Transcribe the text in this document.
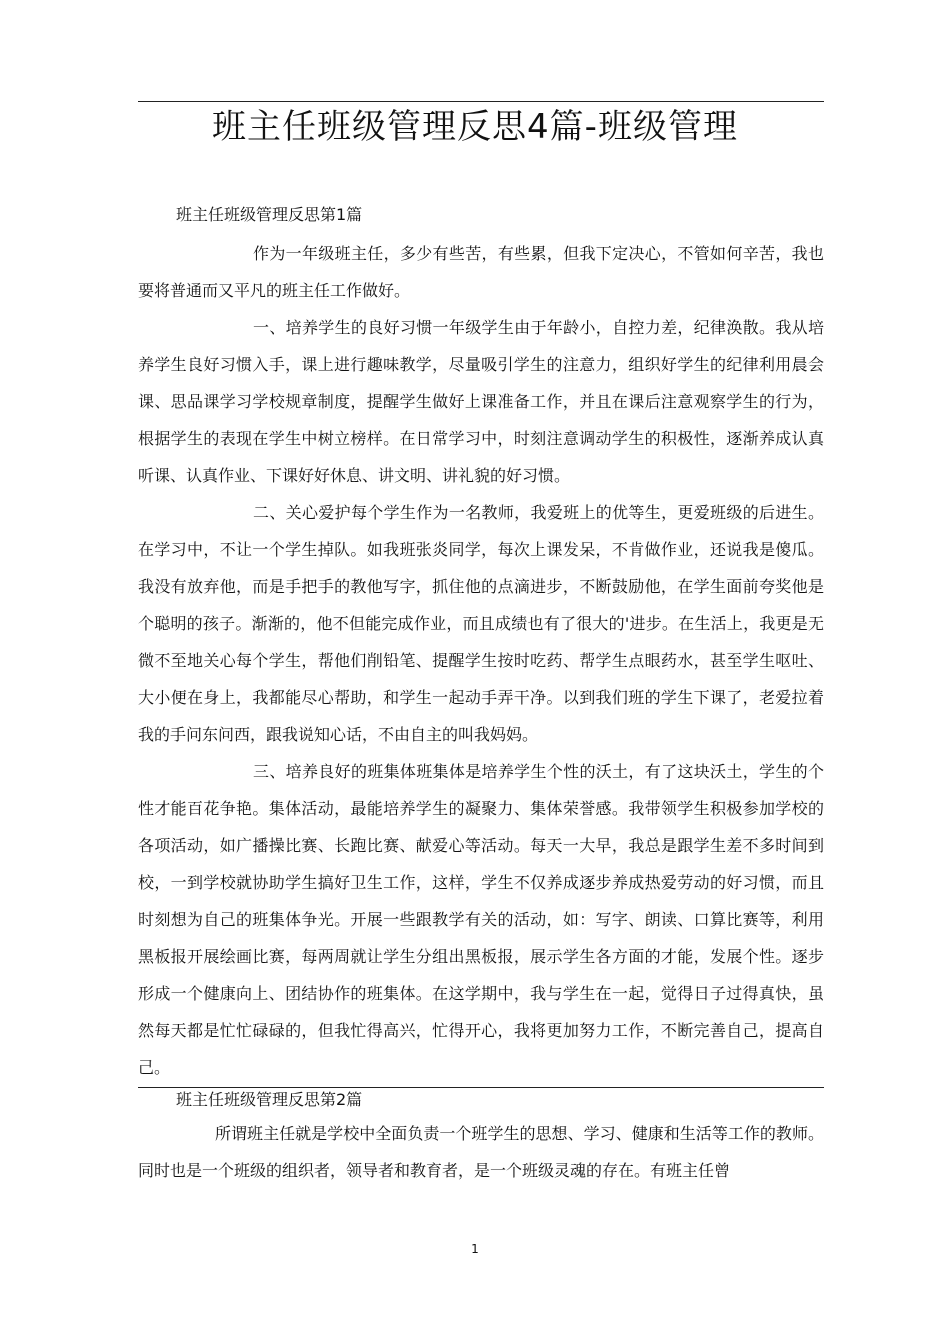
班主任班级管理反思4篇-班级管理
班主任班级管理反思第1篇

作为一年级班主任，多少有些苦，有些累，但我下定决心，不管如何辛苦，我也要将普通而又平凡的班主任工作做好。

一、培养学生的良好习惯一年级学生由于年龄小，自控力差，纪律涣散。我从培养学生良好习惯入手，课上进行趣味教学，尽量吸引学生的注意力，组织好学生的纪律利用晨会课、思品课学习学校规章制度，提醒学生做好上课准备工作，并且在课后注意观察学生的行为，根据学生的表现在学生中树立榜样。在日常学习中，时刻注意调动学生的积极性，逐渐养成认真听课、认真作业、下课好好休息、讲文明、讲礼貌的好习惯。

二、关心爱护每个学生作为一名教师，我爱班上的优等生，更爱班级的后进生。在学习中，不让一个学生掉队。如我班张炎同学，每次上课发呆，不肯做作业，还说我是傻瓜。我没有放弃他，而是手把手的教他写字，抓住他的点滴进步，不断鼓励他，在学生面前夸奖他是个聪明的孩子。渐渐的，他不但能完成作业，而且成绩也有了很大的'进步。在生活上，我更是无微不至地关心每个学生，帮他们削铅笔、提醒学生按时吃药、帮学生点眼药水，甚至学生呕吐、大小便在身上，我都能尽心帮助，和学生一起动手弄干净。以到我们班的学生下课了，老爱拉着我的手问东问西，跟我说知心话，不由自主的叫我妈妈。

三、培养良好的班集体班集体是培养学生个性的沃土，有了这块沃土，学生的个性才能百花争艳。集体活动，最能培养学生的凝聚力、集体荣誉感。我带领学生积极参加学校的各项活动，如广播操比赛、长跑比赛、献爱心等活动。每天一大早，我总是跟学生差不多时间到校，一到学校就协助学生搞好卫生工作，这样，学生不仅养成逐步养成热爱劳动的好习惯，而且时刻想为自己的班集体争光。开展一些跟教学有关的活动，如：写字、朗读、口算比赛等，利用黑板报开展绘画比赛，每两周就让学生分组出黑板报，展示学生各方面的才能，发展个性。逐步形成一个健康向上、团结协作的班集体。在这学期中，我与学生在一起，觉得日子过得真快，虽然每天都是忙忙碌碌的，但我忙得高兴，忙得开心，我将更加努力工作，不断完善自己，提高自己。

班主任班级管理反思第2篇

所谓班主任就是学校中全面负责一个班学生的思想、学习、健康和生活等工作的教师。同时也是一个班级的组织者，领导者和教育者，是一个班级灵魂的存在。有班主任曾

1
